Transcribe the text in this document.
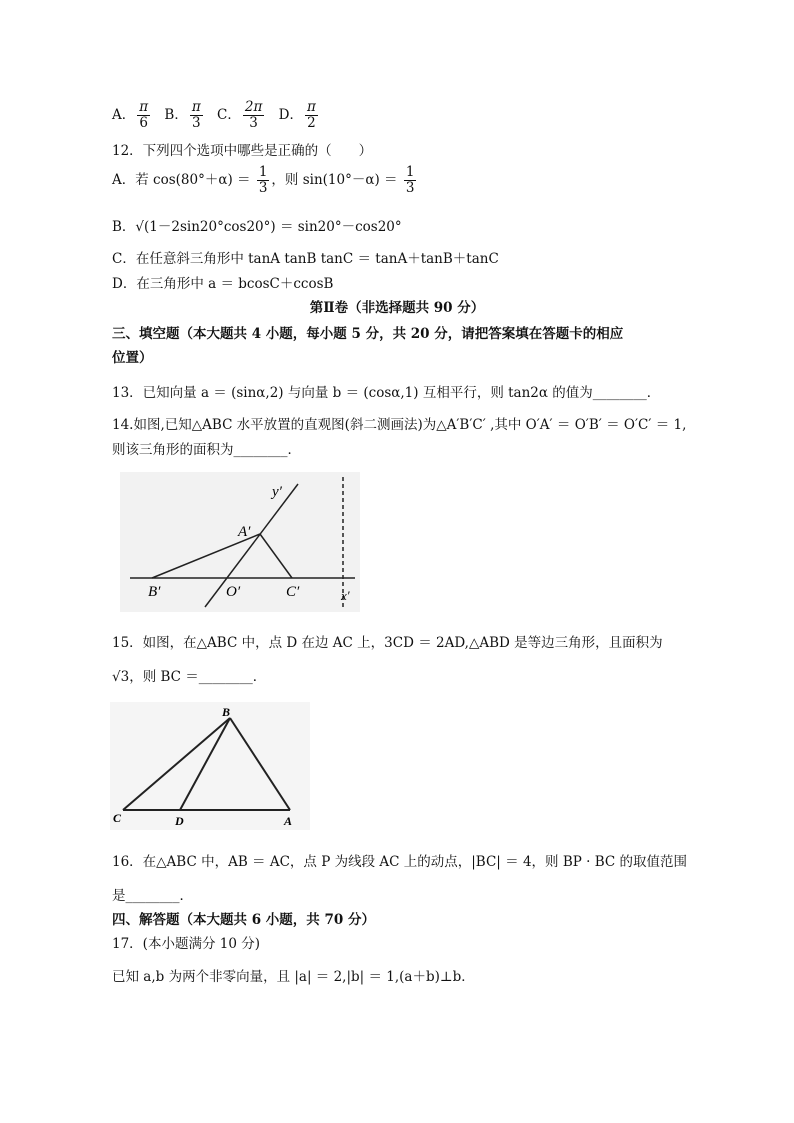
A． $\frac{\pi}{6}$ B． $\frac{\pi}{3}$ C． $\frac{2\pi}{3}$ D． $\frac{\pi}{2}$
12．下列四个选项中哪些是正确的（　　）
A．若 $\cos(80^\circ+\alpha) = \frac{1}{3}$ ，则 $\sin(10^\circ-\alpha) = \frac{1}{3}$
B．√(1－2sin20°cos20°) ＝ sin20°－cos20°
C．在任意斜三角形中 tanA tanB tanC ＝ tanA＋tanB＋tanC
D．在三角形中 a ＝ bcosC＋ccosB
第Ⅱ卷（非选择题共 90 分）
三、填空题（本大题共 4 小题，每小题 5 分，共 20 分，请把答案填在答题卡的相应
位置）
13．已知向量 a ＝ (sinα,2) 与向量 b ＝ (cosα,1) 互相平行，则 tan2α 的值为________．
14.如图,已知△ABC 水平放置的直观图(斜二测画法)为△A′B′C′ ,其中 O′A′ ＝ O′B′ ＝ O′C′ ＝ 1,
则该三角形的面积为________．
y′
A′
B′	O′	C′	x′
15．如图，在△ABC 中，点 D 在边 AC 上，3CD ＝ 2AD,△ABD 是等边三角形，且面积为
√3，则 BC ＝________．
B
C	D	A
16．在△ABC 中，AB ＝ AC，点 P 为线段 AC 上的动点，|BC| ＝ 4，则 BP · BC 的取值范围
是________．
四、解答题（本大题共 6 小题，共 70 分）
17．(本小题满分 10 分)
已知 a,b 为两个非零向量，且 |a| ＝ 2,|b| ＝ 1,(a＋b)⊥b．
